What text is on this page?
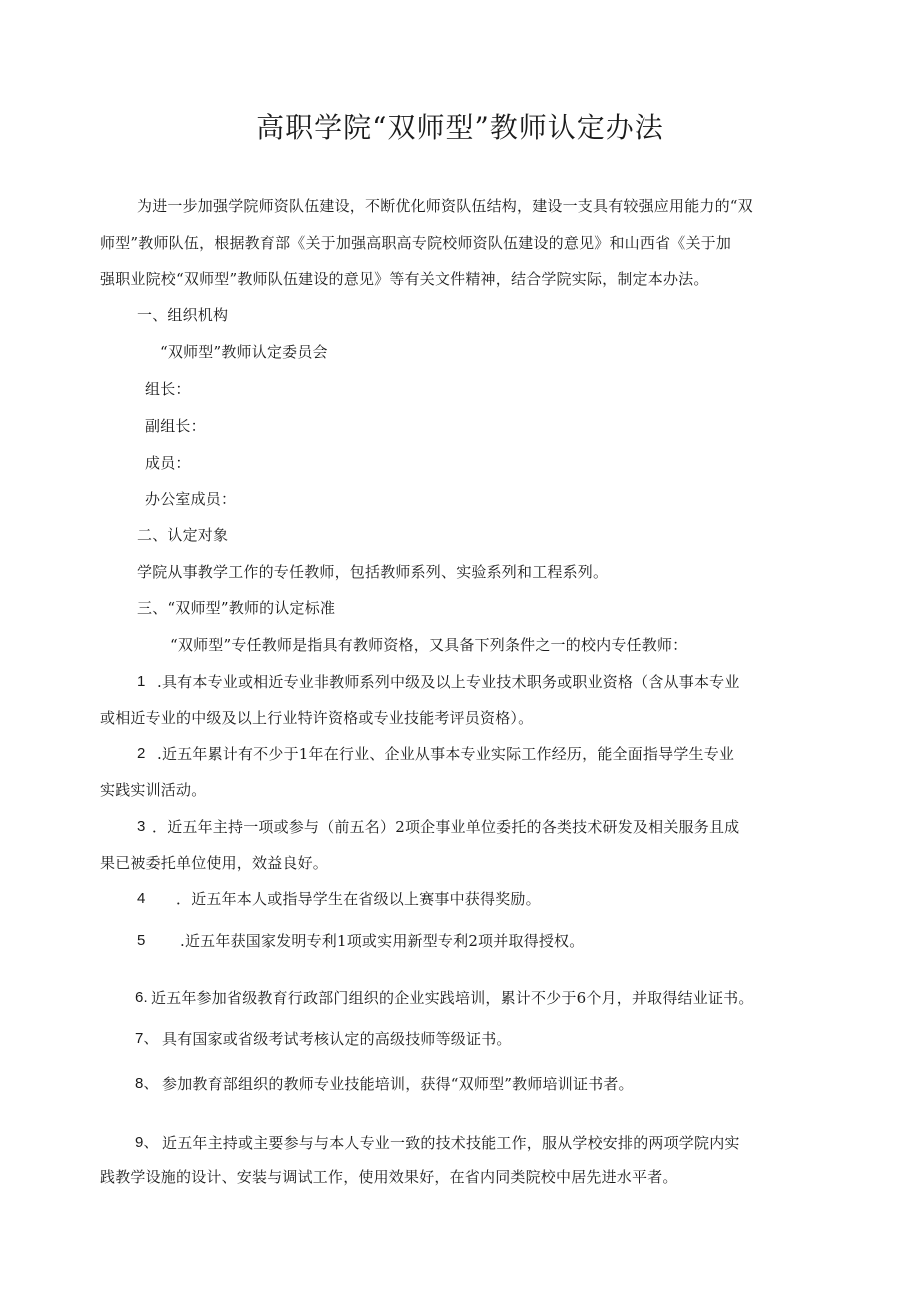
高职学院“双师型”教师认定办法
为进一步加强学院师资队伍建设，不断优化师资队伍结构，建设一支具有较强应用能力的“双
师型”教师队伍，根据教育部《关于加强高职高专院校师资队伍建设的意见》和山西省《关于加
强职业院校“双师型”教师队伍建设的意见》等有关文件精神，结合学院实际，制定本办法。
一、组织机构
“双师型”教师认定委员会
组长：
副组长：
成员：
办公室成员：
二、认定对象
学院从事教学工作的专任教师，包括教师系列、实验系列和工程系列。
三、“双师型”教师的认定标准
“双师型”专任教师是指具有教师资格，又具备下列条件之一的校内专任教师：
1 .具有本专业或相近专业非教师系列中级及以上专业技术职务或职业资格（含从事本专业
或相近专业的中级及以上行业特许资格或专业技能考评员资格）。
2 .近五年累计有不少于1年在行业、企业从事本专业实际工作经历，能全面指导学生专业
实践实训活动。
3 ．近五年主持一项或参与（前五名）2项企事业单位委托的各类技术研发及相关服务且成
果已被委托单位使用，效益良好。
4 ．近五年本人或指导学生在省级以上赛事中获得奖励。
5 .近五年获国家发明专利1项或实用新型专利2项并取得授权。
6. 近五年参加省级教育行政部门组织的企业实践培训，累计不少于6个月，并取得结业证书。
7、 具有国家或省级考试考核认定的高级技师等级证书。
8、 参加教育部组织的教师专业技能培训，获得“双师型”教师培训证书者。
9、 近五年主持或主要参与与本人专业一致的技术技能工作，服从学校安排的两项学院内实
践教学设施的设计、安装与调试工作，使用效果好，在省内同类院校中居先进水平者。
